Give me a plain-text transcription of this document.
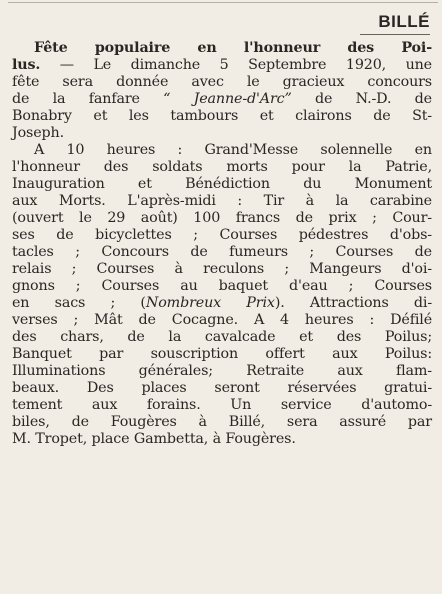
BILLÉ
Fête populaire en l'honneur des Poi-
lus. — Le dimanche 5 Septembre 1920, une
fête sera donnée avec le gracieux concours
de la fanfare “ Jeanne-d'Arc” de N.-D. de
Bonabry et les tambours et clairons de St-
Joseph.
A 10 heures : Grand'Messe solennelle en
l'honneur des soldats morts pour la Patrie,
Inauguration et Bénédiction du Monument
aux Morts. L'après-midi : Tir à la carabine
(ouvert le 29 août) 100 francs de prix ; Cour-
ses de bicyclettes ; Courses pédestres d'obs-
tacles ; Concours de fumeurs ; Courses de
relais ; Courses à reculons ; Mangeurs d'oi-
gnons ; Courses au baquet d'eau ; Courses
en sacs ; (Nombreux Prix). Attractions di-
verses ; Mât de Cocagne. A 4 heures : Défilé
des chars, de la cavalcade et des Poilus;
Banquet par souscription offert aux Poilus:
Illuminations générales; Retraite aux flam-
beaux. Des places seront réservées gratui-
tement aux forains. Un service d'automo-
biles, de Fougères à Billé, sera assuré par
M. Tropet, place Gambetta, à Fougères.
